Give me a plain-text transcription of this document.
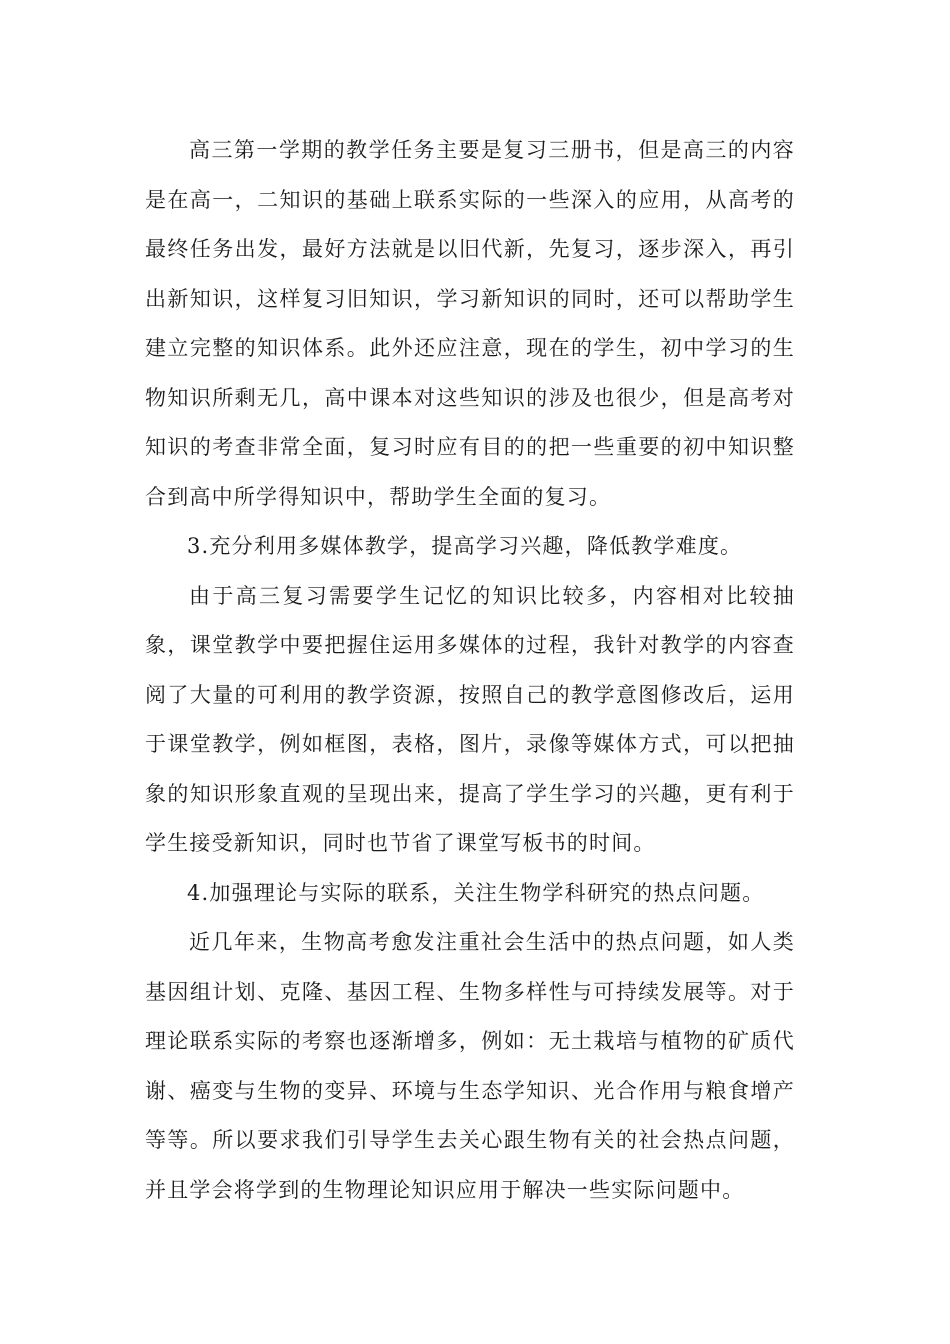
高三第一学期的教学任务主要是复习三册书，但是高三的内容是在高一，二知识的基础上联系实际的一些深入的应用，从高考的最终任务出发，最好方法就是以旧代新，先复习，逐步深入，再引出新知识，这样复习旧知识，学习新知识的同时，还可以帮助学生建立完整的知识体系。此外还应注意，现在的学生，初中学习的生物知识所剩无几，高中课本对这些知识的涉及也很少，但是高考对知识的考查非常全面，复习时应有目的的把一些重要的初中知识整合到高中所学得知识中，帮助学生全面的复习。

3.充分利用多媒体教学，提高学习兴趣，降低教学难度。

由于高三复习需要学生记忆的知识比较多，内容相对比较抽象，课堂教学中要把握住运用多媒体的过程，我针对教学的内容查阅了大量的可利用的教学资源，按照自己的教学意图修改后，运用于课堂教学，例如框图，表格，图片，录像等媒体方式，可以把抽象的知识形象直观的呈现出来，提高了学生学习的兴趣，更有利于学生接受新知识，同时也节省了课堂写板书的时间。

4.加强理论与实际的联系，关注生物学科研究的热点问题。

近几年来，生物高考愈发注重社会生活中的热点问题，如人类基因组计划、克隆、基因工程、生物多样性与可持续发展等。对于理论联系实际的考察也逐渐增多，例如：无土栽培与植物的矿质代谢、癌变与生物的变异、环境与生态学知识、光合作用与粮食增产等等。所以要求我们引导学生去关心跟生物有关的社会热点问题，并且学会将学到的生物理论知识应用于解决一些实际问题中。
